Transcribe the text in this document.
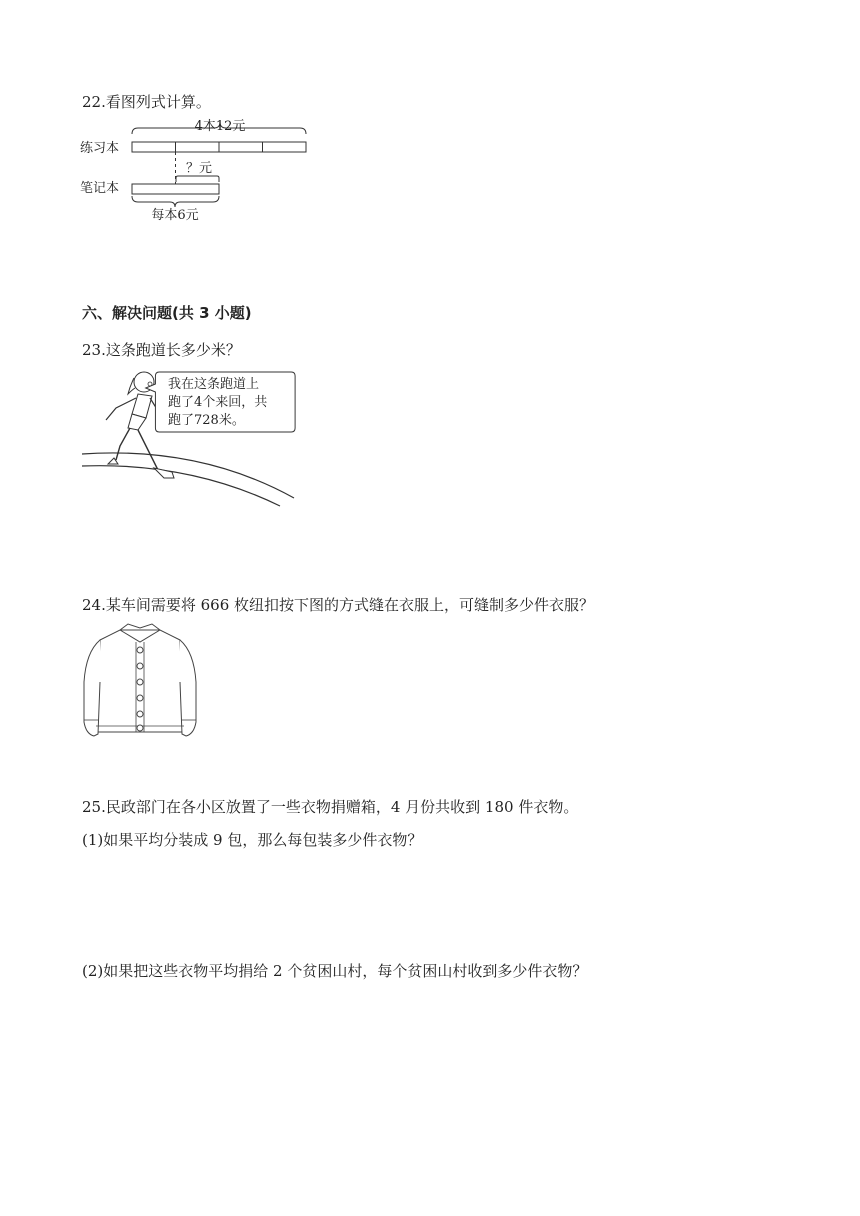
22.看图列式计算。
4本12元
练习本
？元
笔记本
每本6元
六、解决问题(共 3 小题)
23.这条跑道长多少米？
我在这条跑道上
跑了4个来回，共
跑了728米。
24.某车间需要将 666 枚纽扣按下图的方式缝在衣服上，可缝制多少件衣服？
25.民政部门在各小区放置了一些衣物捐赠箱，4 月份共收到 180 件衣物。
(1)如果平均分装成 9 包，那么每包装多少件衣物？
(2)如果把这些衣物平均捐给 2 个贫困山村，每个贫困山村收到多少件衣物？
